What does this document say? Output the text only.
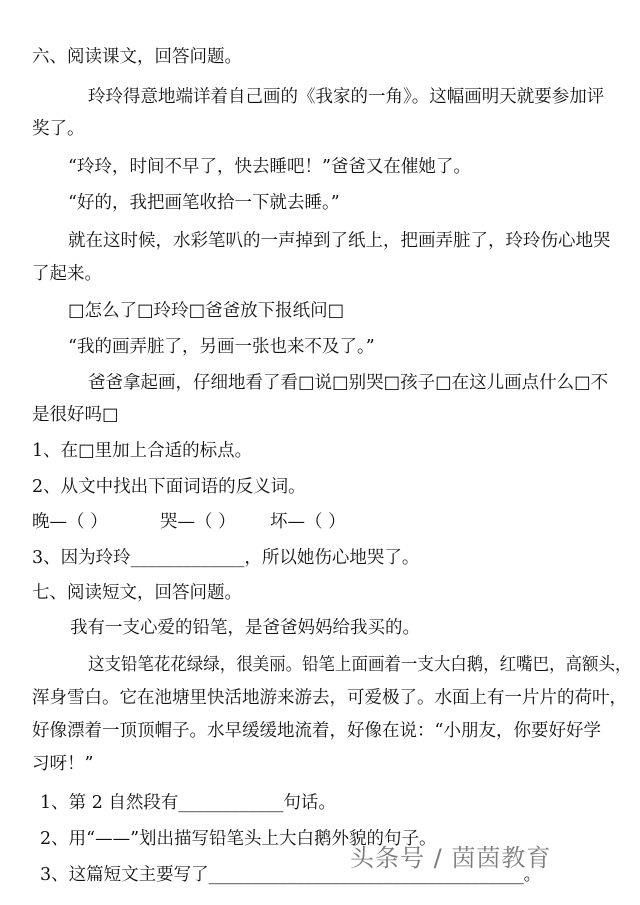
六、阅读课文，回答问题。
玲玲得意地端详着自己画的《我家的一角》。这幅画明天就要参加评
奖了。
“玲玲，时间不早了，快去睡吧！”爸爸又在催她了。
“好的，我把画笔收拾一下就去睡。”
就在这时候，水彩笔叭的一声掉到了纸上，把画弄脏了，玲玲伤心地哭
了起来。
□怎么了□玲玲□爸爸放下报纸问□
“我的画弄脏了，另画一张也来不及了。”
爸爸拿起画，仔细地看了看□说□别哭□孩子□在这儿画点什么□不
是很好吗□
1、在□里加上合适的标点。
2、从文中找出下面词语的反义词。
晚—（ ）	哭—（ ） 坏—（ ）
3、因为玲玲_____________，所以她伤心地哭了。
七、阅读短文，回答问题。
我有一支心爱的铅笔，是爸爸妈妈给我买的。
这支铅笔花花绿绿，很美丽。铅笔上面画着一支大白鹅，红嘴巴，高额头，
浑身雪白。它在池塘里快活地游来游去，可爱极了。水面上有一片片的荷叶，
好像漂着一顶顶帽子。水早缓缓地流着，好像在说：“小朋友，你要好好学
习呀！”
1、第 2 自然段有____________句话。
2、用“——”划出描写铅笔头上大白鹅外貌的句子。
3、这篇短文主要写了____________________________________。
头条号 / 茵茵教育
